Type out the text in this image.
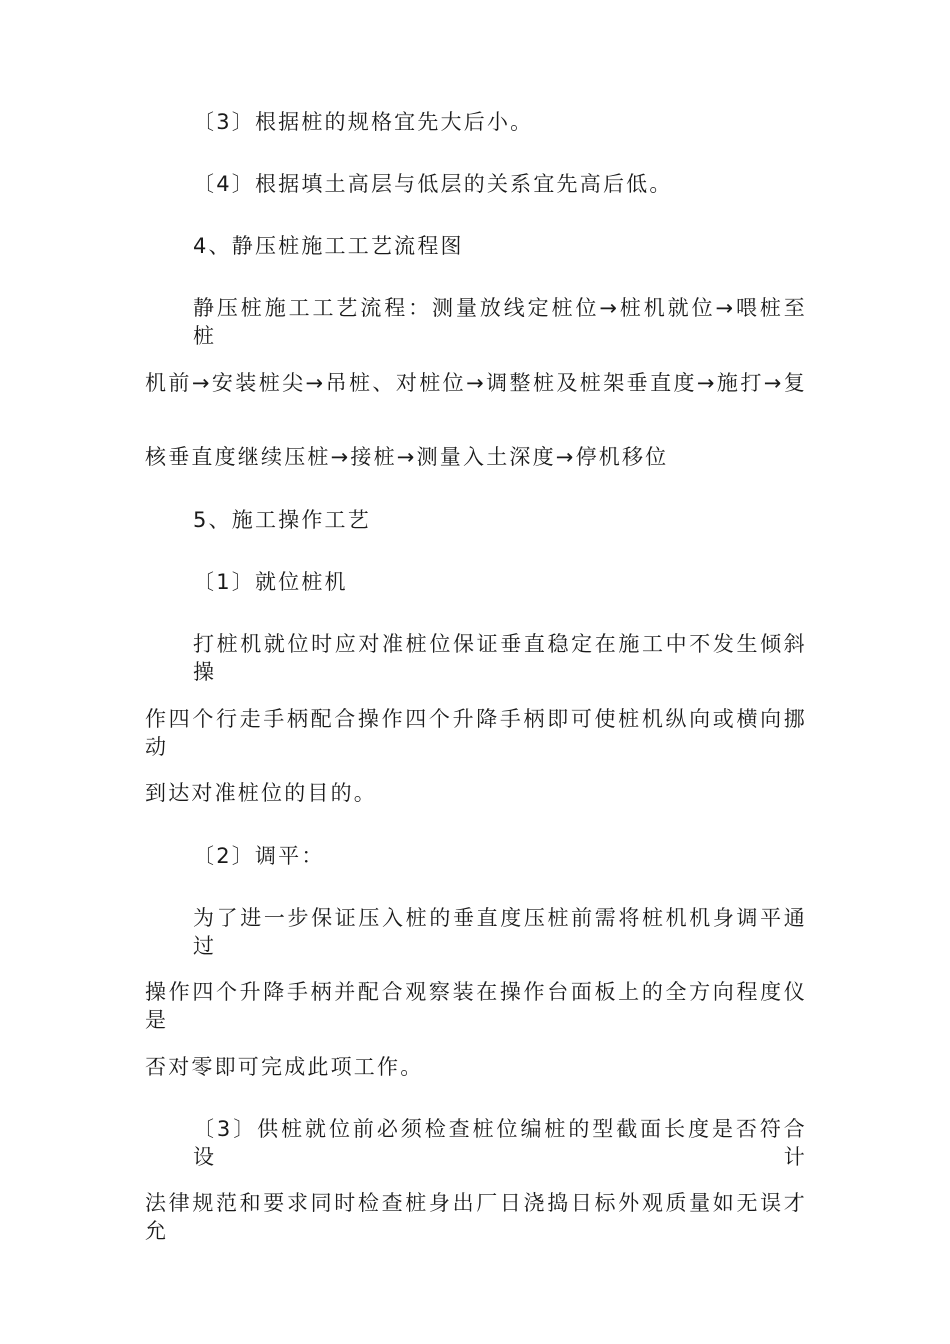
〔3〕根据桩的规格宜先大后小。
〔4〕根据填土高层与低层的关系宜先高后低。
4、静压桩施工工艺流程图
静压桩施工工艺流程：测量放线定桩位→桩机就位→喂桩至桩
机前→安装桩尖→吊桩、对桩位→调整桩及桩架垂直度→施打→复
核垂直度继续压桩→接桩→测量入土深度→停机移位
5、施工操作工艺
〔1〕就位桩机
打桩机就位时应对准桩位保证垂直稳定在施工中不发生倾斜操
作四个行走手柄配合操作四个升降手柄即可使桩机纵向或横向挪动
到达对准桩位的目的。
〔2〕调平：
为了进一步保证压入桩的垂直度压桩前需将桩机机身调平通过
操作四个升降手柄并配合观察装在操作台面板上的全方向程度仪是
否对零即可完成此项工作。
〔3〕供桩就位前必须检查桩位编桩的型截面长度是否符合设计
法律规范和要求同时检查桩身出厂日浇捣日标外观质量如无误才允
